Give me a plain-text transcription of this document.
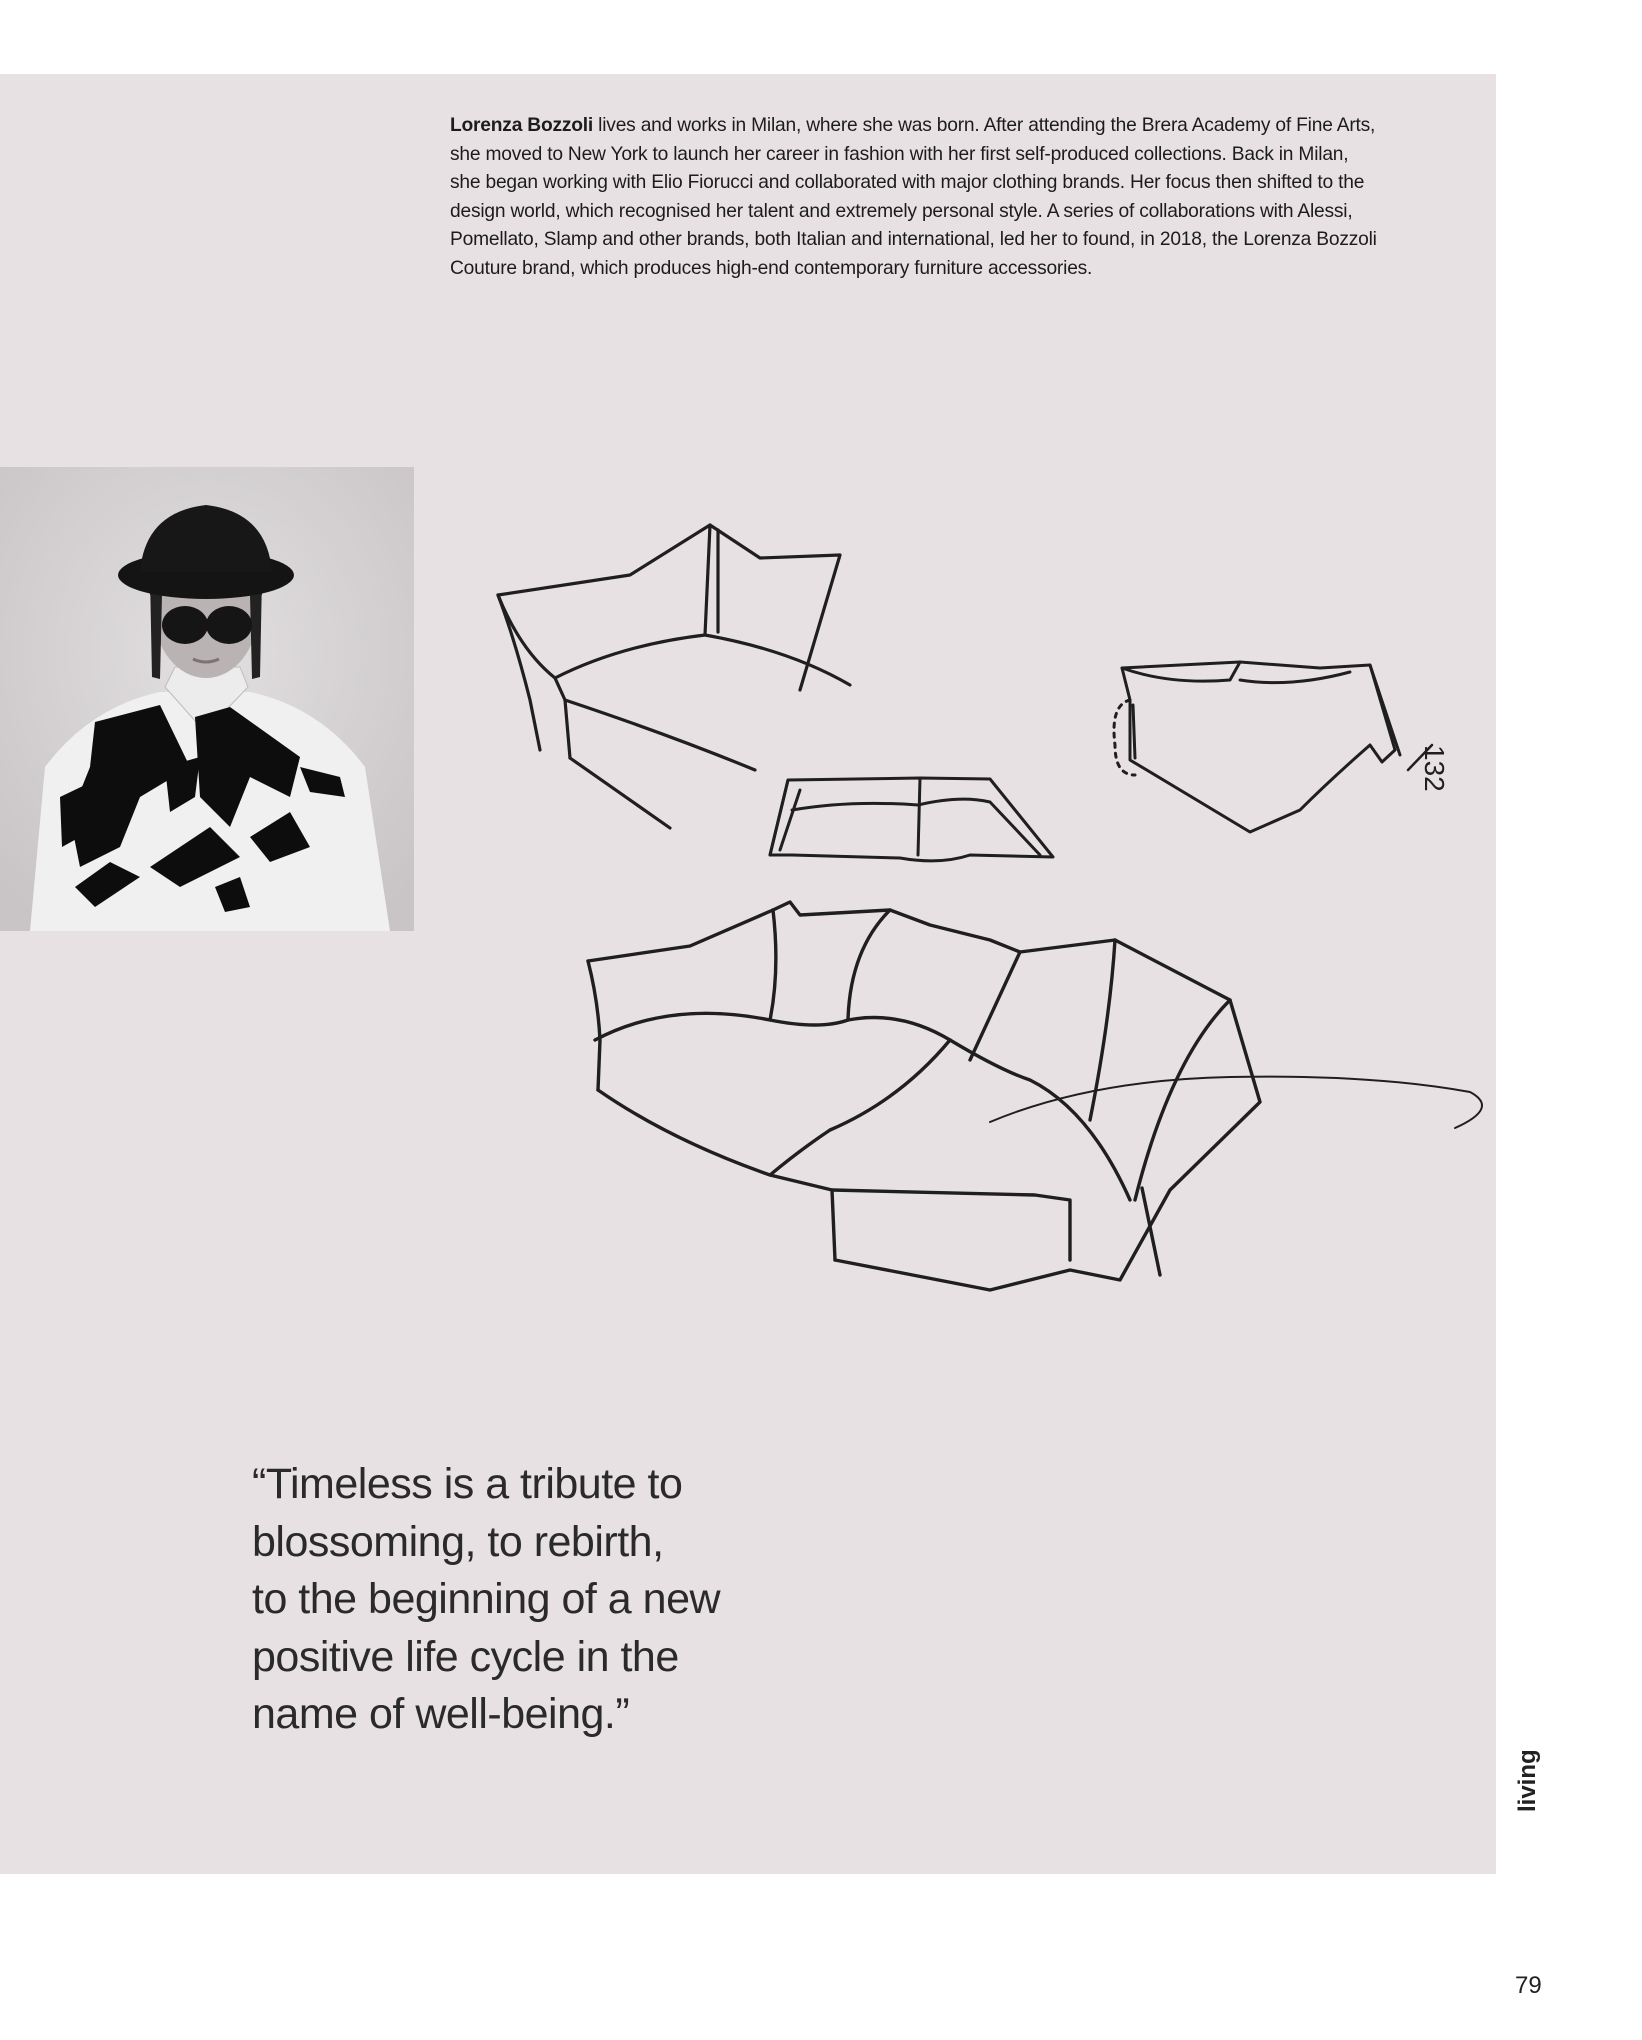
Lorenza Bozzoli lives and works in Milan, where she was born. After attending the Brera Academy of Fine Arts, she moved to New York to launch her career in fashion with her first self-produced collections. Back in Milan, she began working with Elio Fiorucci and collaborated with major clothing brands. Her focus then shifted to the design world, which recognised her talent and extremely personal style. A series of collaborations with Alessi, Pomellato, Slamp and other brands, both Italian and international, led her to found, in 2018, the Lorenza Bozzoli Couture brand, which produces high-end contemporary furniture accessories.

132
“Timeless is a tribute to
blossoming, to rebirth,
to the beginning of a new
positive life cycle in the
name of well-being.”
living
79
